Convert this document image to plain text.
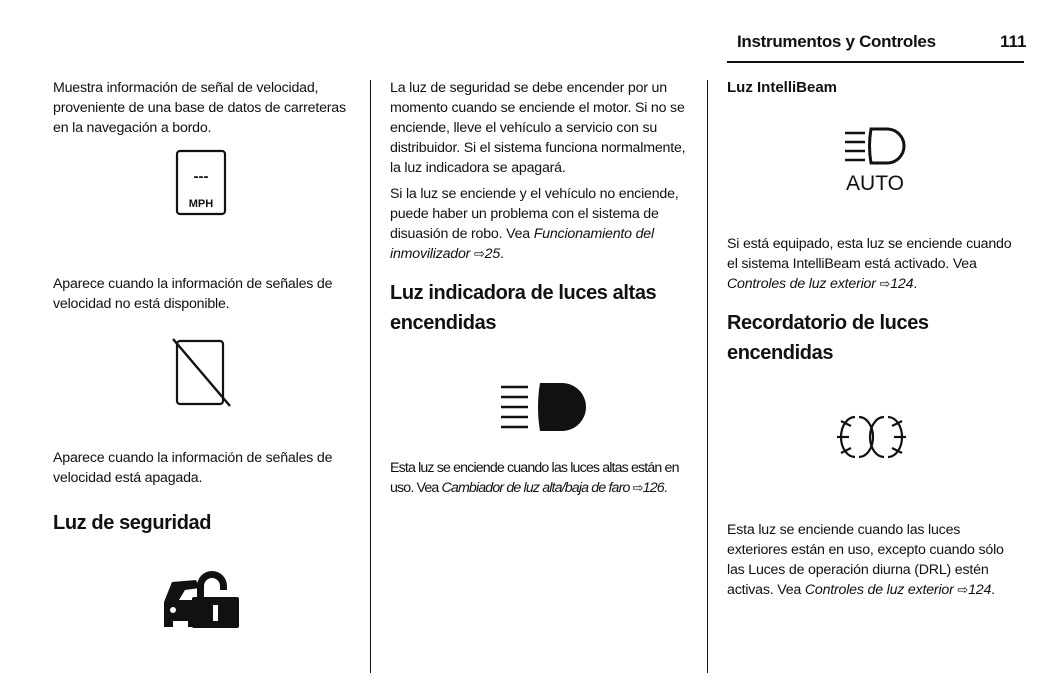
Instrumentos y Controles	111

Muestra información de señal de velocidad, proveniente de una base de datos de carreteras en la navegación a bordo.

---
MPH

Aparece cuando la información de señales de velocidad no está disponible.

Aparece cuando la información de señales de velocidad está apagada.

Luz de seguridad

La luz de seguridad se debe encender por un momento cuando se enciende el motor. Si no se enciende, lleve el vehículo a servicio con su distribuidor. Si el sistema funciona normalmente, la luz indicadora se apagará.

Si la luz se enciende y el vehículo no enciende, puede haber un problema con el sistema de disuasión de robo. Vea Funcionamiento del inmovilizador ⇨25.

Luz indicadora de luces altas encendidas

Esta luz se enciende cuando las luces altas están en uso. Vea Cambiador de luz alta/baja de faro ⇨126.

Luz IntelliBeam
AUTO

Si está equipado, esta luz se enciende cuando el sistema IntelliBeam está activado. Vea Controles de luz exterior ⇨124.

Recordatorio de luces encendidas

Esta luz se enciende cuando las luces exteriores están en uso, excepto cuando sólo las Luces de operación diurna (DRL) estén activas. Vea Controles de luz exterior ⇨124.
